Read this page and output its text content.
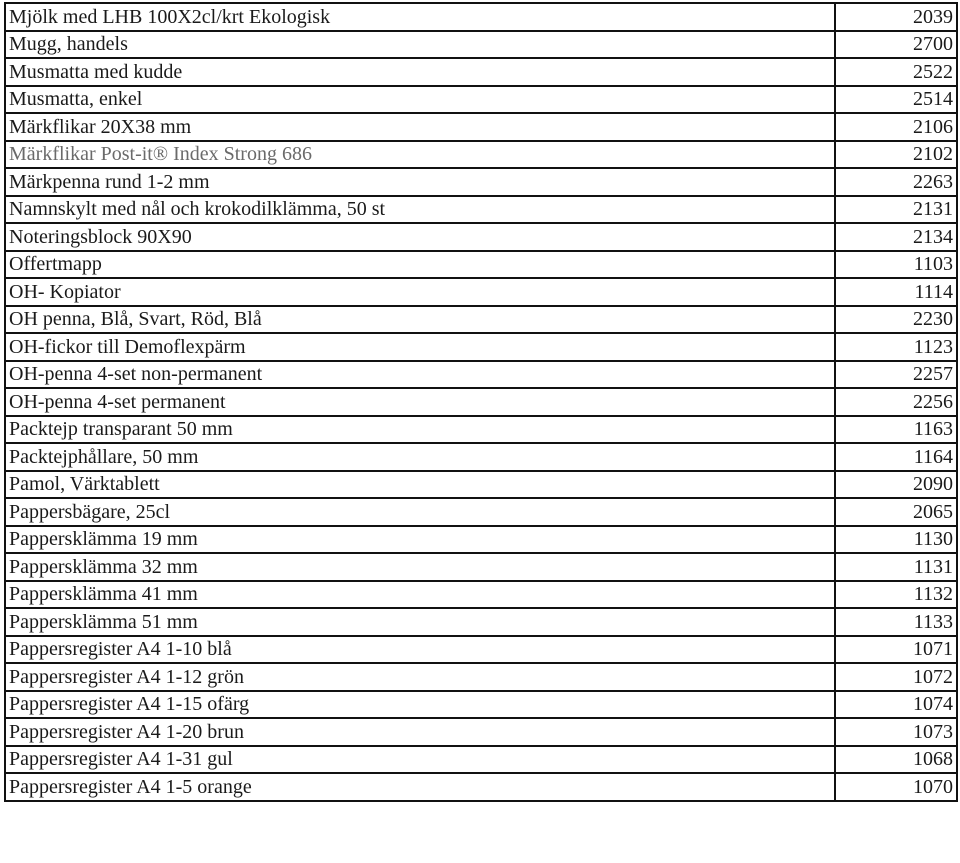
Mjölk med LHB 100X2cl/krt Ekologisk	2039
Mugg, handels	2700
Musmatta med kudde	2522
Musmatta, enkel	2514
Märkflikar 20X38 mm	2106
Märkflikar Post-it® Index Strong 686	2102
Märkpenna rund 1-2 mm	2263
Namnskylt med nål och krokodilklämma, 50 st	2131
Noteringsblock 90X90	2134
Offertmapp	1103
OH- Kopiator	1114
OH penna, Blå, Svart, Röd, Blå	2230
OH-fickor till Demoflexpärm	1123
OH-penna 4-set non-permanent	2257
OH-penna 4-set permanent	2256
Packtejp transparant 50 mm	1163
Packtejphållare, 50 mm	1164
Pamol, Värktablett	2090
Pappersbägare, 25cl	2065
Pappersklämma 19 mm	1130
Pappersklämma 32 mm	1131
Pappersklämma 41 mm	1132
Pappersklämma 51 mm	1133
Pappersregister A4 1-10 blå	1071
Pappersregister A4 1-12 grön	1072
Pappersregister A4 1-15 ofärg	1074
Pappersregister A4 1-20 brun	1073
Pappersregister A4 1-31 gul	1068
Pappersregister A4 1-5 orange	1070
